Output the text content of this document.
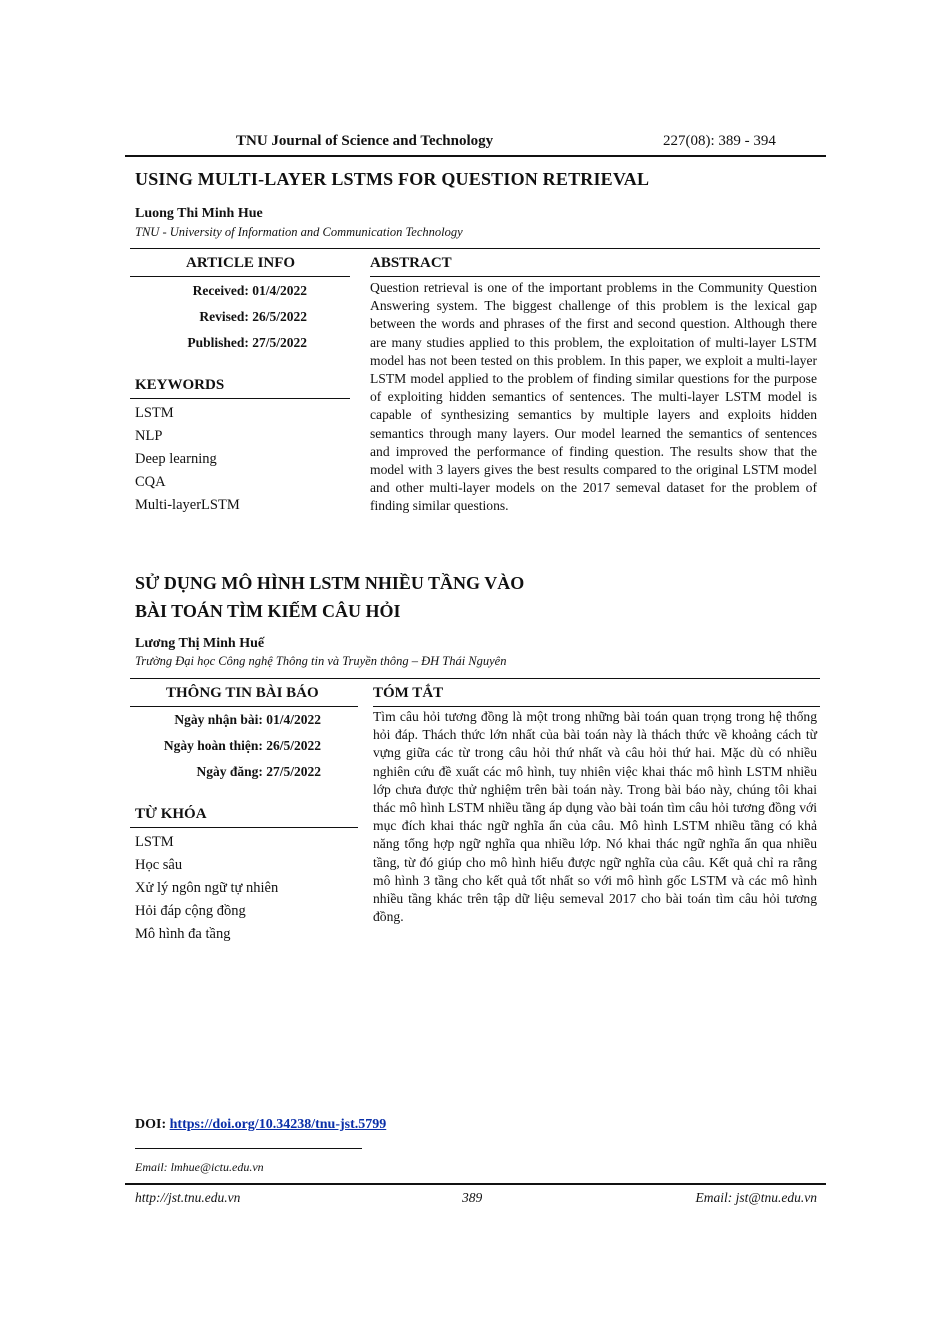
TNU Journal of Science and Technology	227(08): 389 - 394
USING MULTI-LAYER LSTMS FOR QUESTION RETRIEVAL
Luong Thi Minh Hue
TNU - University of Information and Communication Technology
ARTICLE INFO	ABSTRACT
Received: 01/4/2022
Revised: 26/5/2022
Published: 27/5/2022
KEYWORDS
LSTM
NLP
Deep learning
CQA
Multi-layerLSTM
Question retrieval is one of the important problems in the Community Question Answering system. The biggest challenge of this problem is the lexical gap between the words and phrases of the first and second question. Although there are many studies applied to this problem, the exploitation of multi-layer LSTM model has not been tested on this problem. In this paper, we exploit a multi-layer LSTM model applied to the problem of finding similar questions for the purpose of exploiting hidden semantics of sentences. The multi-layer LSTM model is capable of synthesizing semantics by multiple layers and exploits hidden semantics through many layers. Our model learned the semantics of sentences and improved the performance of finding question. The results show that the model with 3 layers gives the best results compared to the original LSTM model and other multi-layer models on the 2017 semeval dataset for the problem of finding similar questions.
SỬ DỤNG MÔ HÌNH LSTM NHIỀU TẦNG VÀO
BÀI TOÁN TÌM KIẾM CÂU HỎI
Lương Thị Minh Huế
Trường Đại học Công nghệ Thông tin và Truyền thông – ĐH Thái Nguyên
THÔNG TIN BÀI BÁO	TÓM TẮT
Ngày nhận bài: 01/4/2022
Ngày hoàn thiện: 26/5/2022
Ngày đăng: 27/5/2022
TỪ KHÓA
LSTM
Học sâu
Xử lý ngôn ngữ tự nhiên
Hỏi đáp cộng đồng
Mô hình đa tầng
Tìm câu hỏi tương đồng là một trong những bài toán quan trọng trong hệ thống hỏi đáp. Thách thức lớn nhất của bài toán này là thách thức về khoảng cách từ vựng giữa các từ trong câu hỏi thứ nhất và câu hỏi thứ hai. Mặc dù có nhiều nghiên cứu đề xuất các mô hình, tuy nhiên việc khai thác mô hình LSTM nhiều lớp chưa được thử nghiệm trên bài toán này. Trong bài báo này, chúng tôi khai thác mô hình LSTM nhiều tầng áp dụng vào bài toán tìm câu hỏi tương đồng với mục đích khai thác ngữ nghĩa ẩn của câu. Mô hình LSTM nhiều tầng có khả năng tổng hợp ngữ nghĩa qua nhiều lớp. Nó khai thác ngữ nghĩa ẩn qua nhiều tầng, từ đó giúp cho mô hình hiểu được ngữ nghĩa của câu. Kết quả chỉ ra rằng mô hình 3 tầng cho kết quả tốt nhất so với mô hình gốc LSTM và các mô hình nhiều tầng khác trên tập dữ liệu semeval 2017 cho bài toán tìm câu hỏi tương đồng.
DOI: https://doi.org/10.34238/tnu-jst.5799
Email: lmhue@ictu.edu.vn
http://jst.tnu.edu.vn	389	Email: jst@tnu.edu.vn
